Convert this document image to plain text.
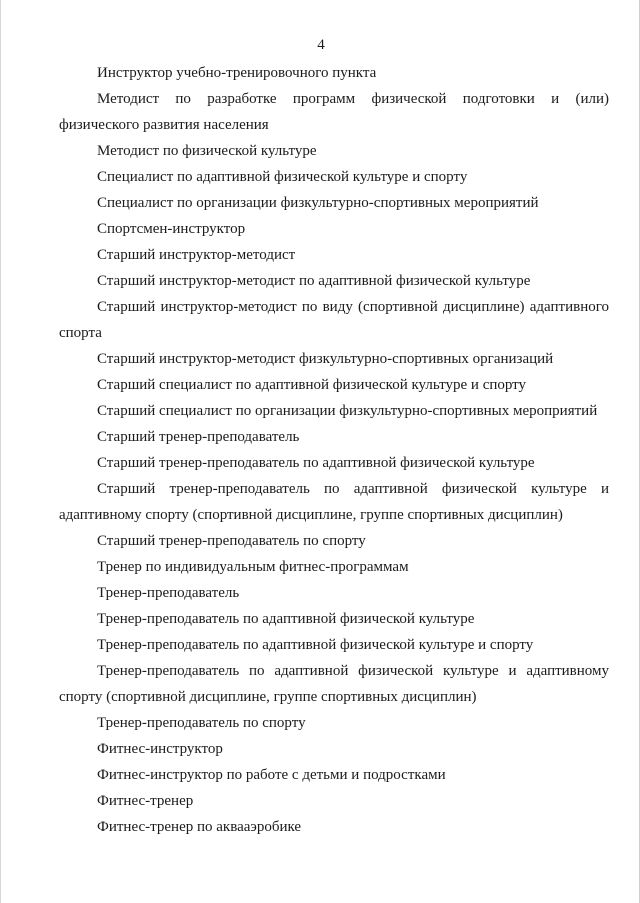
4

Инструктор учебно-тренировочного пункта

Методист по разработке программ физической подготовки и (или)
физического развития населения

Методист по физической культуре

Специалист по адаптивной физической культуре и спорту

Специалист по организации физкультурно-спортивных мероприятий

Спортсмен-инструктор

Старший инструктор-методист

Старший инструктор-методист по адаптивной физической культуре

Старший инструктор-методист по виду (спортивной дисциплине) адаптивного
спорта

Старший инструктор-методист физкультурно-спортивных организаций

Старший специалист по адаптивной физической культуре и спорту

Старший специалист по организации физкультурно-спортивных мероприятий

Старший тренер-преподаватель

Старший тренер-преподаватель по адаптивной физической культуре

Старший тренер-преподаватель по адаптивной физической культуре и
адаптивному спорту (спортивной дисциплине, группе спортивных дисциплин)

Старший тренер-преподаватель по спорту

Тренер по индивидуальным фитнес-программам

Тренер-преподаватель

Тренер-преподаватель по адаптивной физической культуре

Тренер-преподаватель по адаптивной физической культуре и спорту

Тренер-преподаватель по адаптивной физической культуре и адаптивному
спорту (спортивной дисциплине, группе спортивных дисциплин)

Тренер-преподаватель по спорту

Фитнес-инструктор

Фитнес-инструктор по работе с детьми и подростками

Фитнес-тренер

Фитнес-тренер по аквааэробике
